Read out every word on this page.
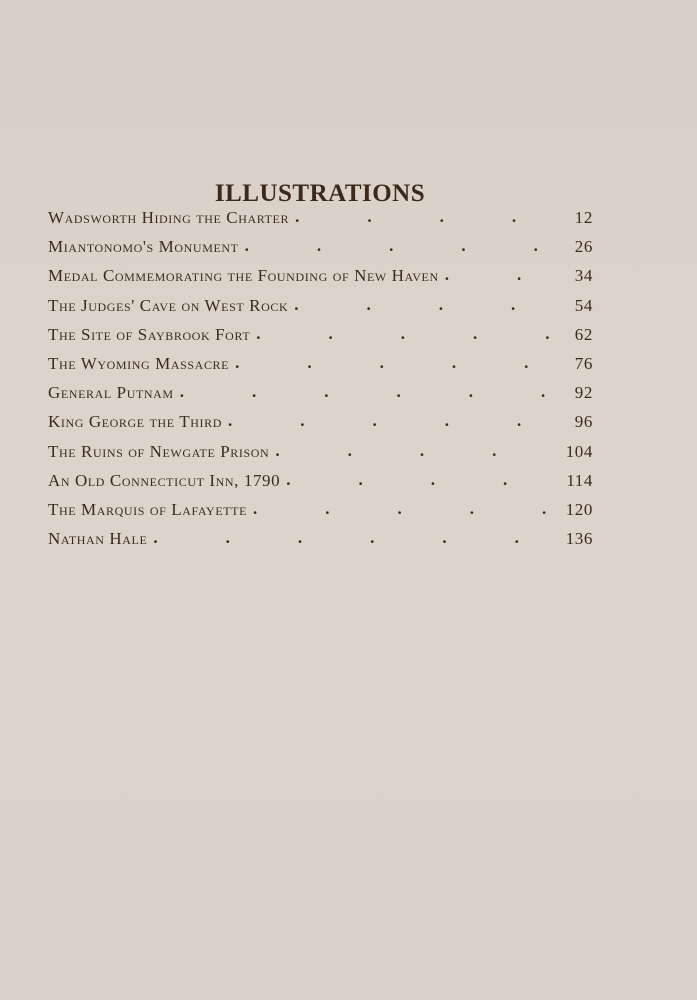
ILLUSTRATIONS
Wadsworth Hiding the Charter .	12
Miantonomo's Monument .	26
Medal Commemorating the Founding of New Haven .	34
The Judges' Cave on West Rock .	54
The Site of Saybrook Fort .	62
The Wyoming Massacre .	76
General Putnam .	92
King George the Third .	96
The Ruins of Newgate Prison .	104
An Old Connecticut Inn, 1790 .	114
The Marquis of Lafayette .	120
Nathan Hale .	136
